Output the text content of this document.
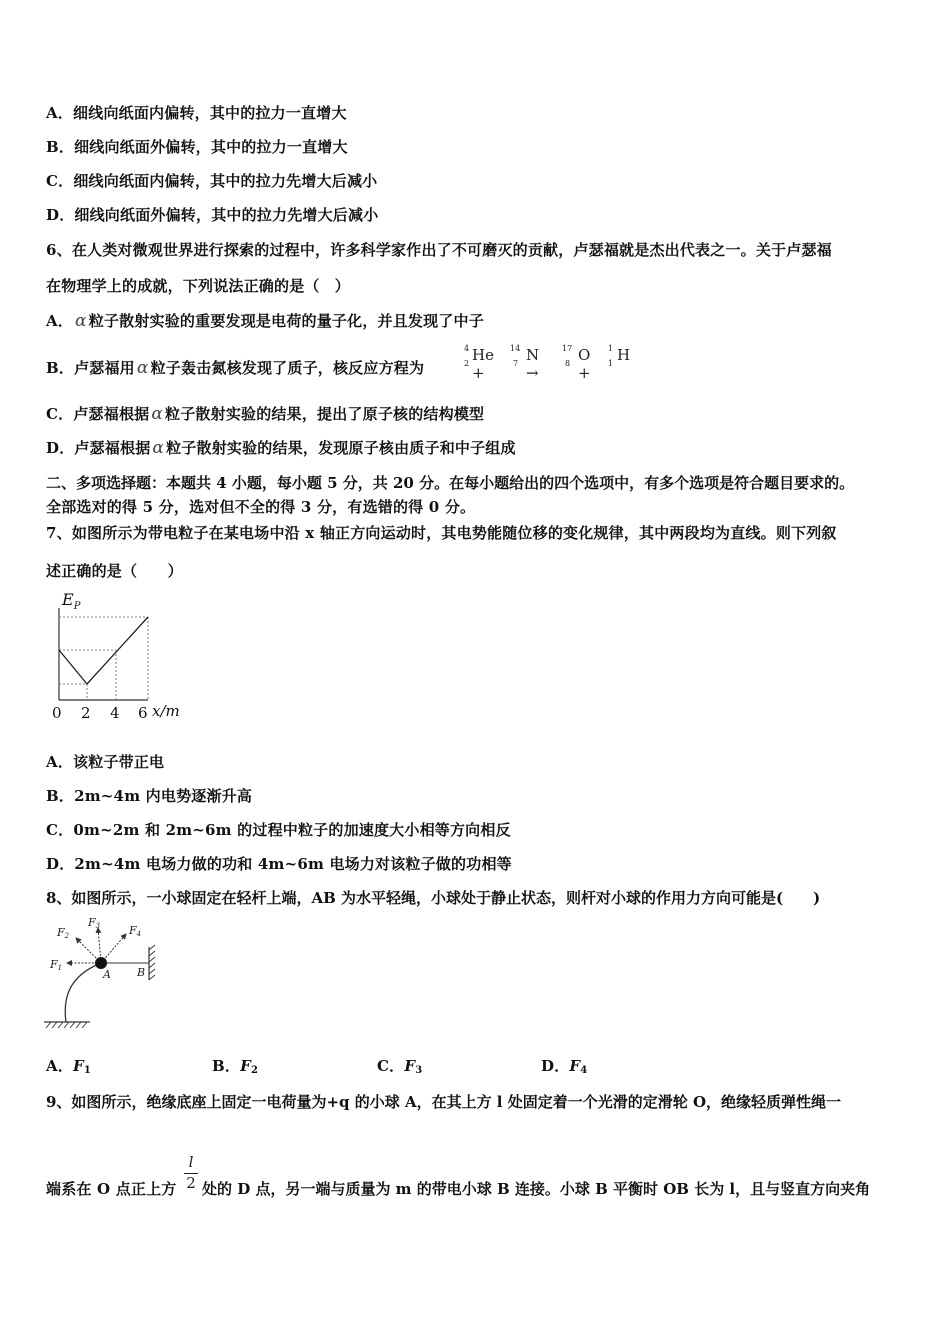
A．细线向纸面内偏转，其中的拉力一直增大
B．细线向纸面外偏转，其中的拉力一直增大
C．细线向纸面内偏转，其中的拉力先增大后减小
D．细线向纸面外偏转，其中的拉力先增大后减小
6、在人类对微观世界进行探索的过程中，许多科学家作出了不可磨灭的贡献，卢瑟福就是杰出代表之一。关于卢瑟福
在物理学上的成就，下列说法正确的是（　）
A． α 粒子散射实验的重要发现是电荷的量子化，并且发现了中子
B．卢瑟福用 α 粒子轰击氮核发现了质子，核反应方程为
4
2 He +
14
7 N →
17
8 O +
1
1 H
C．卢瑟福根据 α 粒子散射实验的结果，提出了原子核的结构模型
D．卢瑟福根据 α 粒子散射实验的结果，发现原子核由质子和中子组成
二、多项选择题：本题共 4 小题，每小题 5 分，共 20 分。在每小题给出的四个选项中，有多个选项是符合题目要求的。
全部选对的得 5 分，选对但不全的得 3 分，有选错的得 0 分。
7、如图所示为带电粒子在某电场中沿 x 轴正方向运动时，其电势能随位移的变化规律，其中两段均为直线。则下列叙
述正确的是（　　）
$E_P$
0 2 4 6 x/m
A．该粒子带正电
B．2m~4m 内电势逐渐升高
C．0m~2m 和 2m~6m 的过程中粒子的加速度大小相等方向相反
D．2m~4m 电场力做的功和 4m~6m 电场力对该粒子做的功相等
8、如图所示，一小球固定在轻杆上端，AB 为水平轻绳，小球处于静止状态，则杆对小球的作用力方向可能是(　　)
F1
F2
F3	F4
A B
A．F1	B．F2	C．F3	D．F4
9、如图所示，绝缘底座上固定一电荷量为+q 的小球 A，在其上方 l 处固定着一个光滑的定滑轮 O，绝缘轻质弹性绳一
l
2
端系在 O 点正上方 处的 D 点，另一端与质量为 m 的带电小球 B 连接。小球 B 平衡时 OB 长为 l，且与竖直方向夹角
